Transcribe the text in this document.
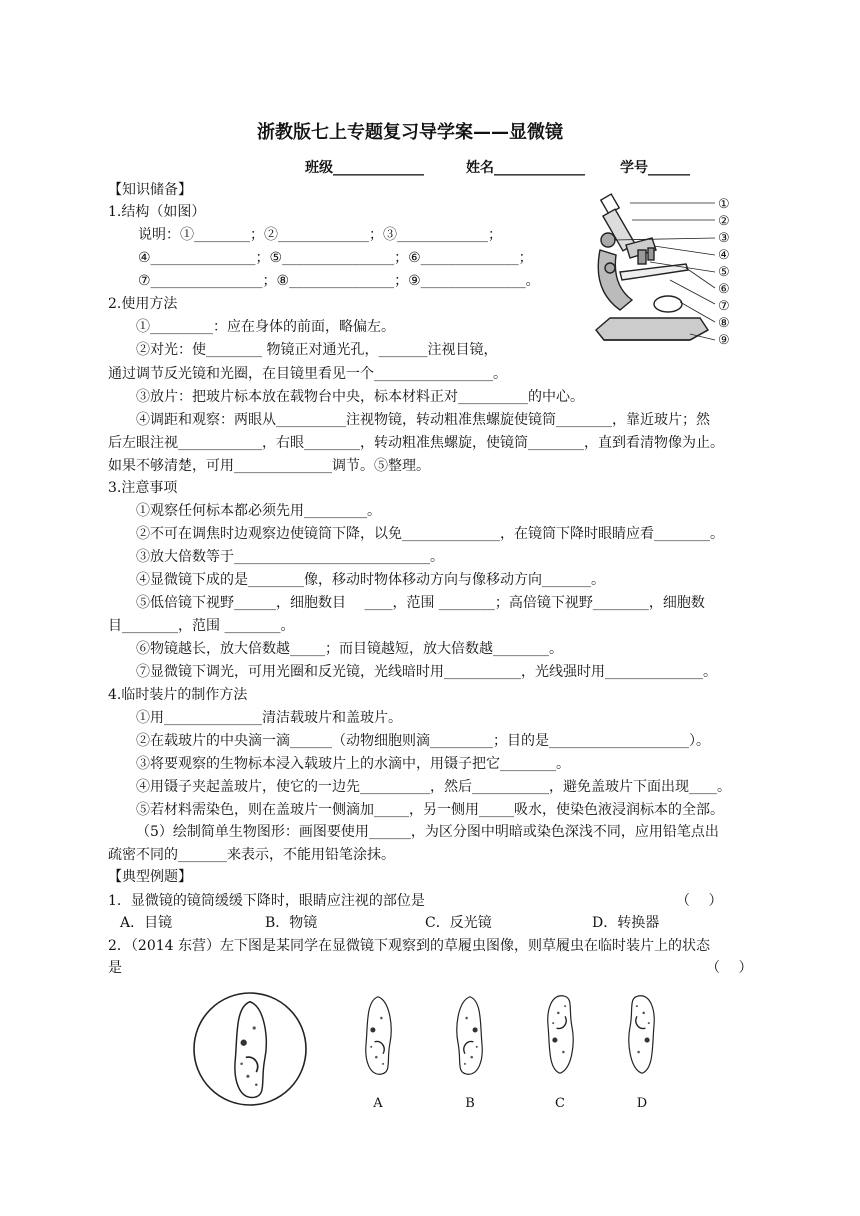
浙教版七上专题复习导学案——显微镜
班级_____________	姓名_____________	学号______
【知识储备】
1.结构（如图）
说明：①________；②_____________；③_____________；
④_______________；⑤________________；⑥______________；
⑦________________；⑧_______________；⑨_______________。
2.使用方法
①_________：应在身体的前面，略偏左。
②对光：使________ 物镜正对通光孔，_______注视目镜，
通过调节反光镜和光圈，在目镜里看见一个_________________。
③放片：把玻片标本放在载物台中央，标本材料正对__________的中心。
④调距和观察：两眼从__________注视物镜，转动粗准焦螺旋使镜筒________，靠近玻片；然
后左眼注视____________，右眼________，转动粗准焦螺旋，使镜筒________，直到看清物像为止。
如果不够清楚，可用______________调节。⑤整理。
3.注意事项
①观察任何标本都必须先用_________。
②不可在调焦时边观察边使镜筒下降，以免______________，在镜筒下降时眼睛应看________。
③放大倍数等于____________________________。
④显微镜下成的是________像，移动时物体移动方向与像移动方向_______。
⑤低倍镜下视野______，细胞数目　 ____，范围 ________；高倍镜下视野________，细胞数
目________，范围 ________。
⑥物镜越长，放大倍数越_____；而目镜越短，放大倍数越________。
⑦显微镜下调光，可用光圈和反光镜，光线暗时用___________，光线强时用______________。
4.临时装片的制作方法
①用______________清洁载玻片和盖玻片。
②在载玻片的中央滴一滴______（动物细胞则滴_________；目的是____________________）。
③将要观察的生物标本浸入载玻片上的水滴中，用镊子把它________。
④用镊子夹起盖玻片，使它的一边先__________，然后___________，避免盖玻片下面出现____。
⑤若材料需染色，则在盖玻片一侧滴加_____，另一侧用_____吸水，使染色液浸润标本的全部。
（5）绘制简单生物图形：画图要使用______，为区分图中明暗或染色深浅不同，应用铅笔点出
疏密不同的_______来表示，不能用铅笔涂抹。
【典型例题】
1．显微镜的镜筒缓缓下降时，眼睛应注视的部位是	（　 ）
A．目镜	B．物镜	C．反光镜	D．转换器
2．（2014 东营）左下图是某同学在显微镜下观察到的草履虫图像，则草履虫在临时装片上的状态
是	（　 ）
①
②
③
④
⑤
⑥
⑦
⑧
⑨
A	B	C	D
